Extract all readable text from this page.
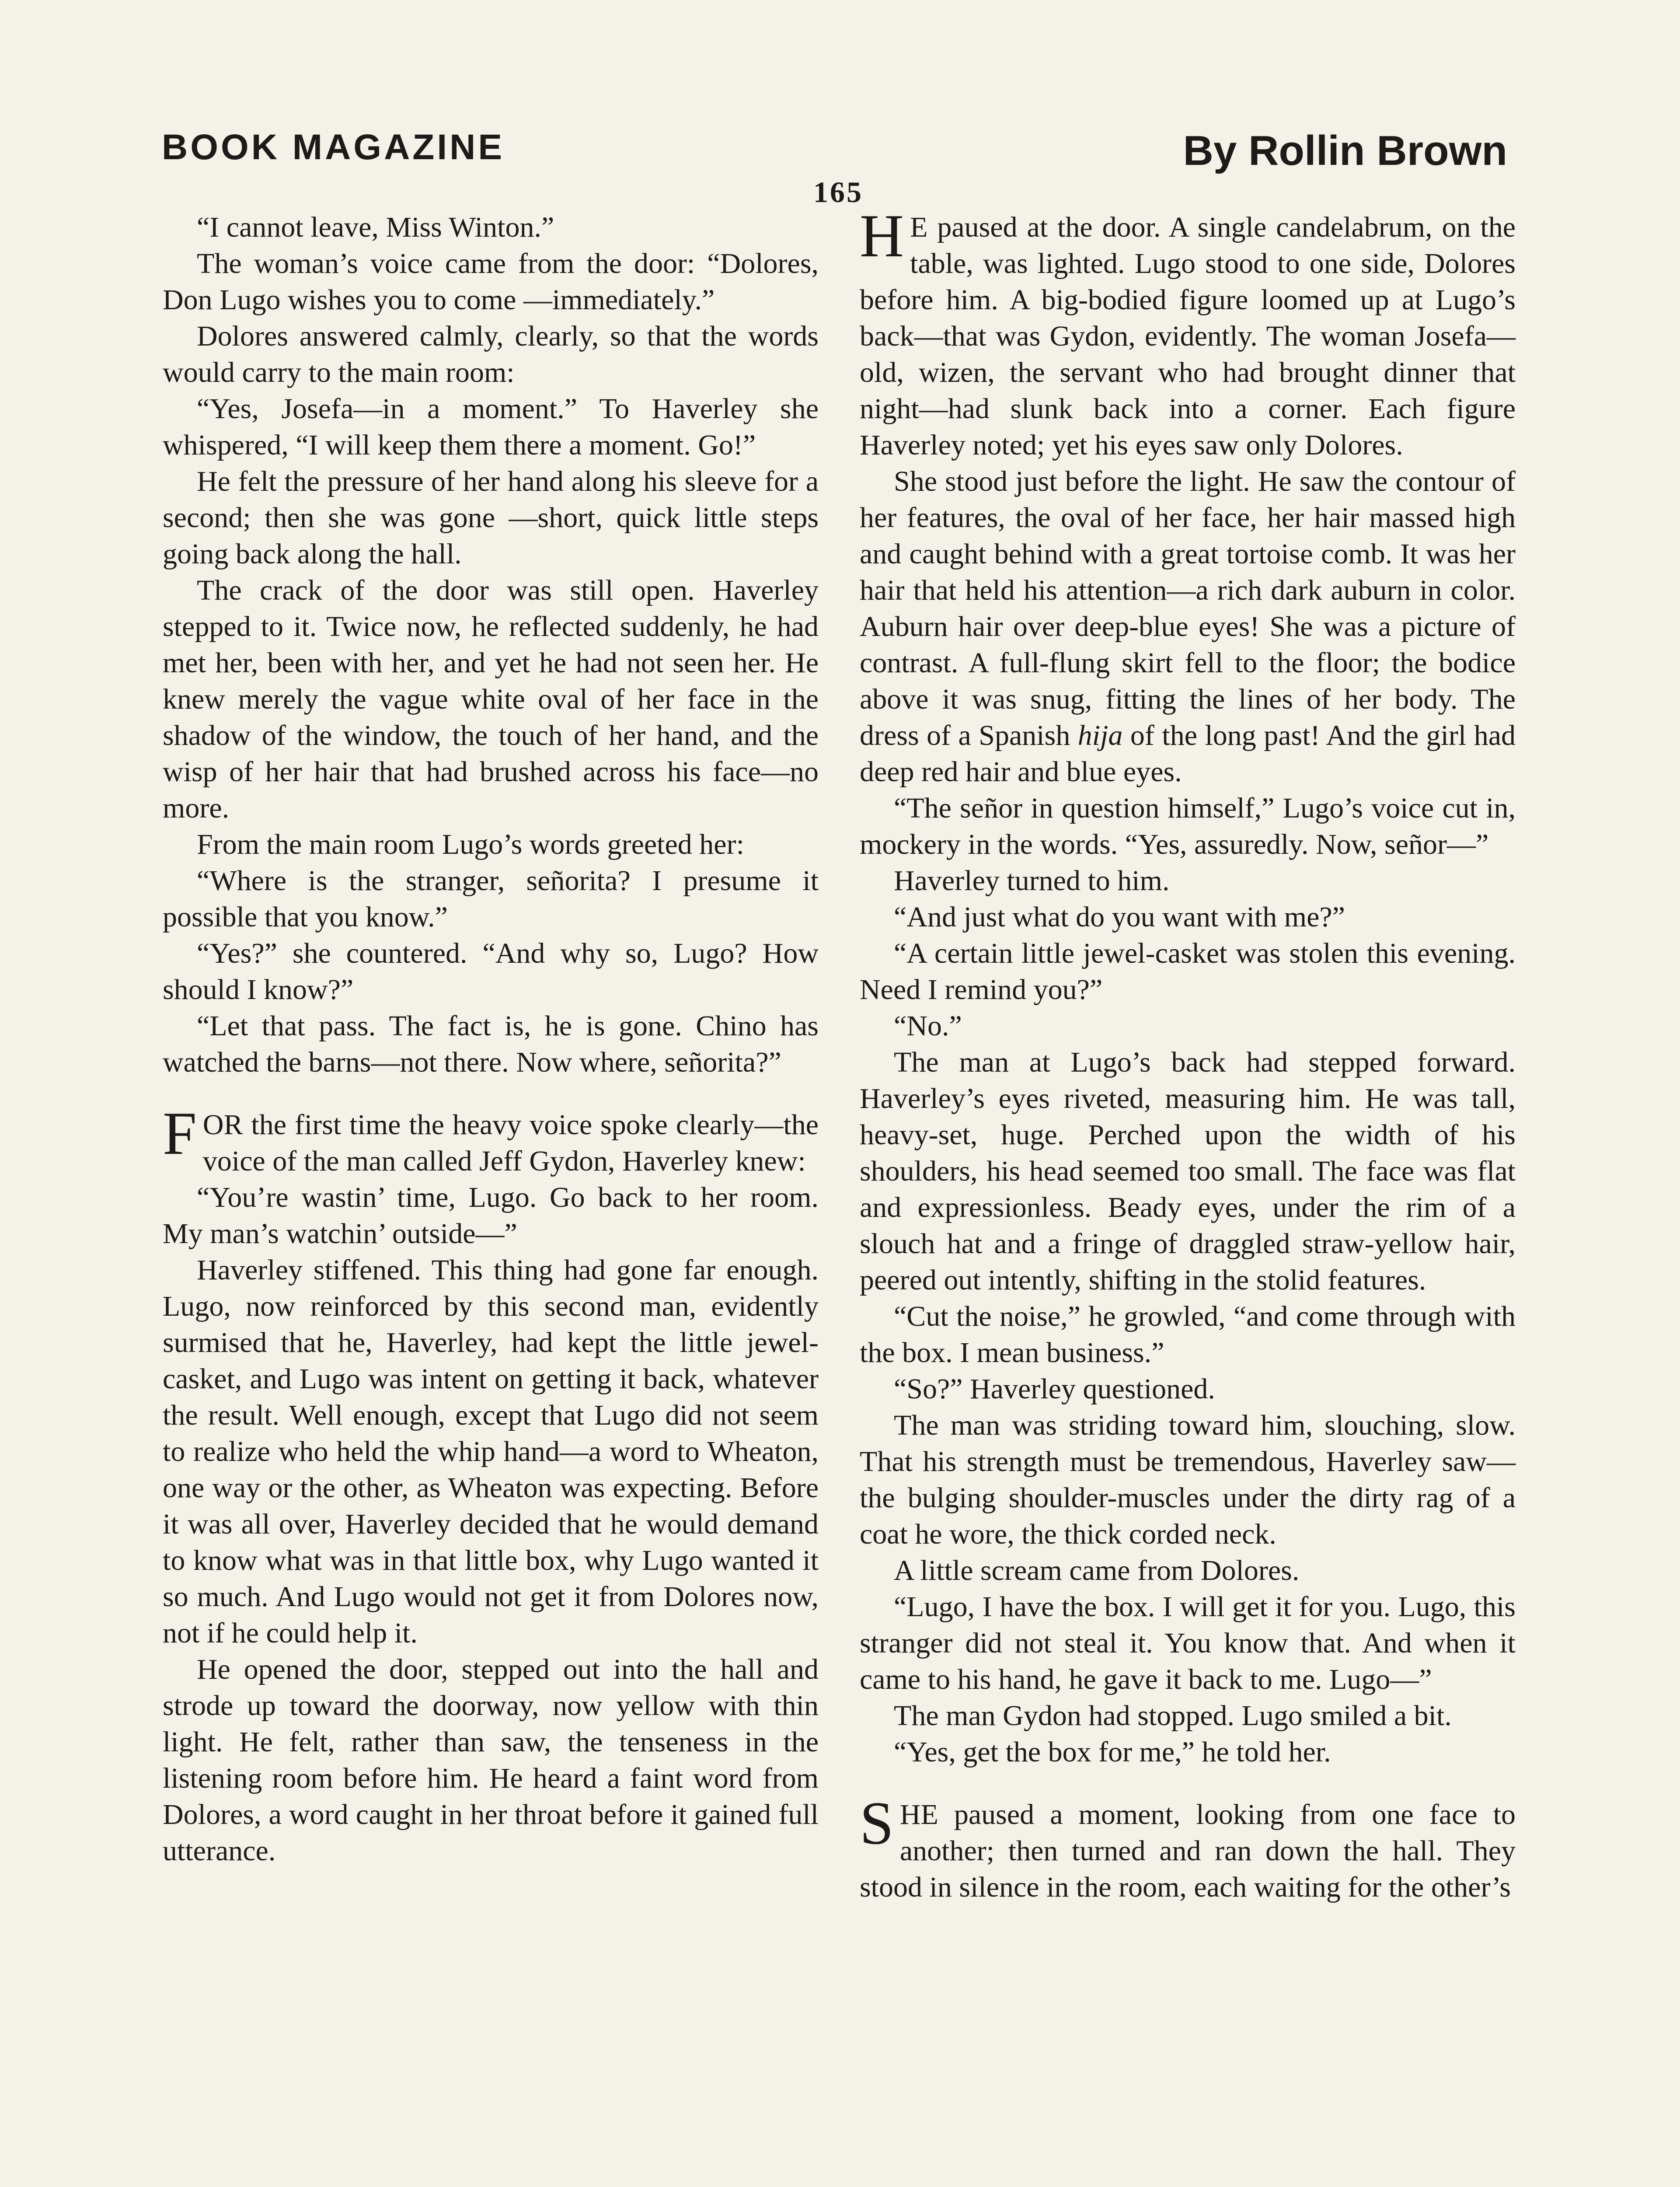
BOOK MAGAZINE	By Rollin Brown
165

“I cannot leave, Miss Winton.”

The woman’s voice came from the door: “Dolores, Don Lugo wishes you to come —immediately.”

Dolores answered calmly, clearly, so that the words would carry to the main room:

“Yes, Josefa—in a moment.” To Haverley she whispered, “I will keep them there a moment. Go!”

He felt the pressure of her hand along his sleeve for a second; then she was gone —short, quick little steps going back along the hall.

The crack of the door was still open. Haverley stepped to it. Twice now, he reflected suddenly, he had met her, been with her, and yet he had not seen her. He knew merely the vague white oval of her face in the shadow of the window, the touch of her hand, and the wisp of her hair that had brushed across his face—no more.

From the main room Lugo’s words greeted her:

“Where is the stranger, señorita? I presume it possible that you know.”

“Yes?” she countered. “And why so, Lugo? How should I know?”

“Let that pass. The fact is, he is gone. Chino has watched the barns—not there. Now where, señorita?”

FOR the first time the heavy voice spoke clearly—the voice of the man called Jeff Gydon, Haverley knew:

“You’re wastin’ time, Lugo. Go back to her room. My man’s watchin’ outside—”

Haverley stiffened. This thing had gone far enough. Lugo, now reinforced by this second man, evidently surmised that he, Haverley, had kept the little jewel-casket, and Lugo was intent on getting it back, whatever the result. Well enough, except that Lugo did not seem to realize who held the whip hand—a word to Wheaton, one way or the other, as Wheaton was expecting. Before it was all over, Haverley decided that he would demand to know what was in that little box, why Lugo wanted it so much. And Lugo would not get it from Dolores now, not if he could help it.

He opened the door, stepped out into the hall and strode up toward the doorway, now yellow with thin light. He felt, rather than saw, the tenseness in the listening room before him. He heard a faint word from Dolores, a word caught in her throat before it gained full utterance.

H E paused at the door. A single candelabrum, on the table, was lighted. Lugo stood to one side, Dolores before him. A big-bodied figure loomed up at Lugo’s back—that was Gydon, evidently. The woman Josefa—old, wizen, the servant who had brought dinner that night—had slunk back into a corner. Each figure Haverley noted; yet his eyes saw only Dolores.

She stood just before the light. He saw the contour of her features, the oval of her face, her hair massed high and caught behind with a great tortoise comb. It was her hair that held his attention—a rich dark auburn in color. Auburn hair over deep-blue eyes! She was a picture of contrast. A full-flung skirt fell to the floor; the bodice above it was snug, fitting the lines of her body. The dress of a Spanish hija of the long past! And the girl had deep red hair and blue eyes.

“The señor in question himself,” Lugo’s voice cut in, mockery in the words. “Yes, assuredly. Now, señor—”

Haverley turned to him.

“And just what do you want with me?”

“A certain little jewel-casket was stolen this evening. Need I remind you?”

“No.”

The man at Lugo’s back had stepped forward. Haverley’s eyes riveted, measuring him. He was tall, heavy-set, huge. Perched upon the width of his shoulders, his head seemed too small. The face was flat and expressionless. Beady eyes, under the rim of a slouch hat and a fringe of draggled straw-yellow hair, peered out intently, shifting in the stolid features.

“Cut the noise,” he growled, “and come through with the box. I mean business.”

“So?” Haverley questioned.

The man was striding toward him, slouching, slow. That his strength must be tremendous, Haverley saw—the bulging shoulder-muscles under the dirty rag of a coat he wore, the thick corded neck.

A little scream came from Dolores.

“Lugo, I have the box. I will get it for you. Lugo, this stranger did not steal it. You know that. And when it came to his hand, he gave it back to me. Lugo—”

The man Gydon had stopped. Lugo smiled a bit.

“Yes, get the box for me,” he told her.

SHE paused a moment, looking from one face to another; then turned and ran down the hall. They stood in silence in the room, each waiting for the other’s
